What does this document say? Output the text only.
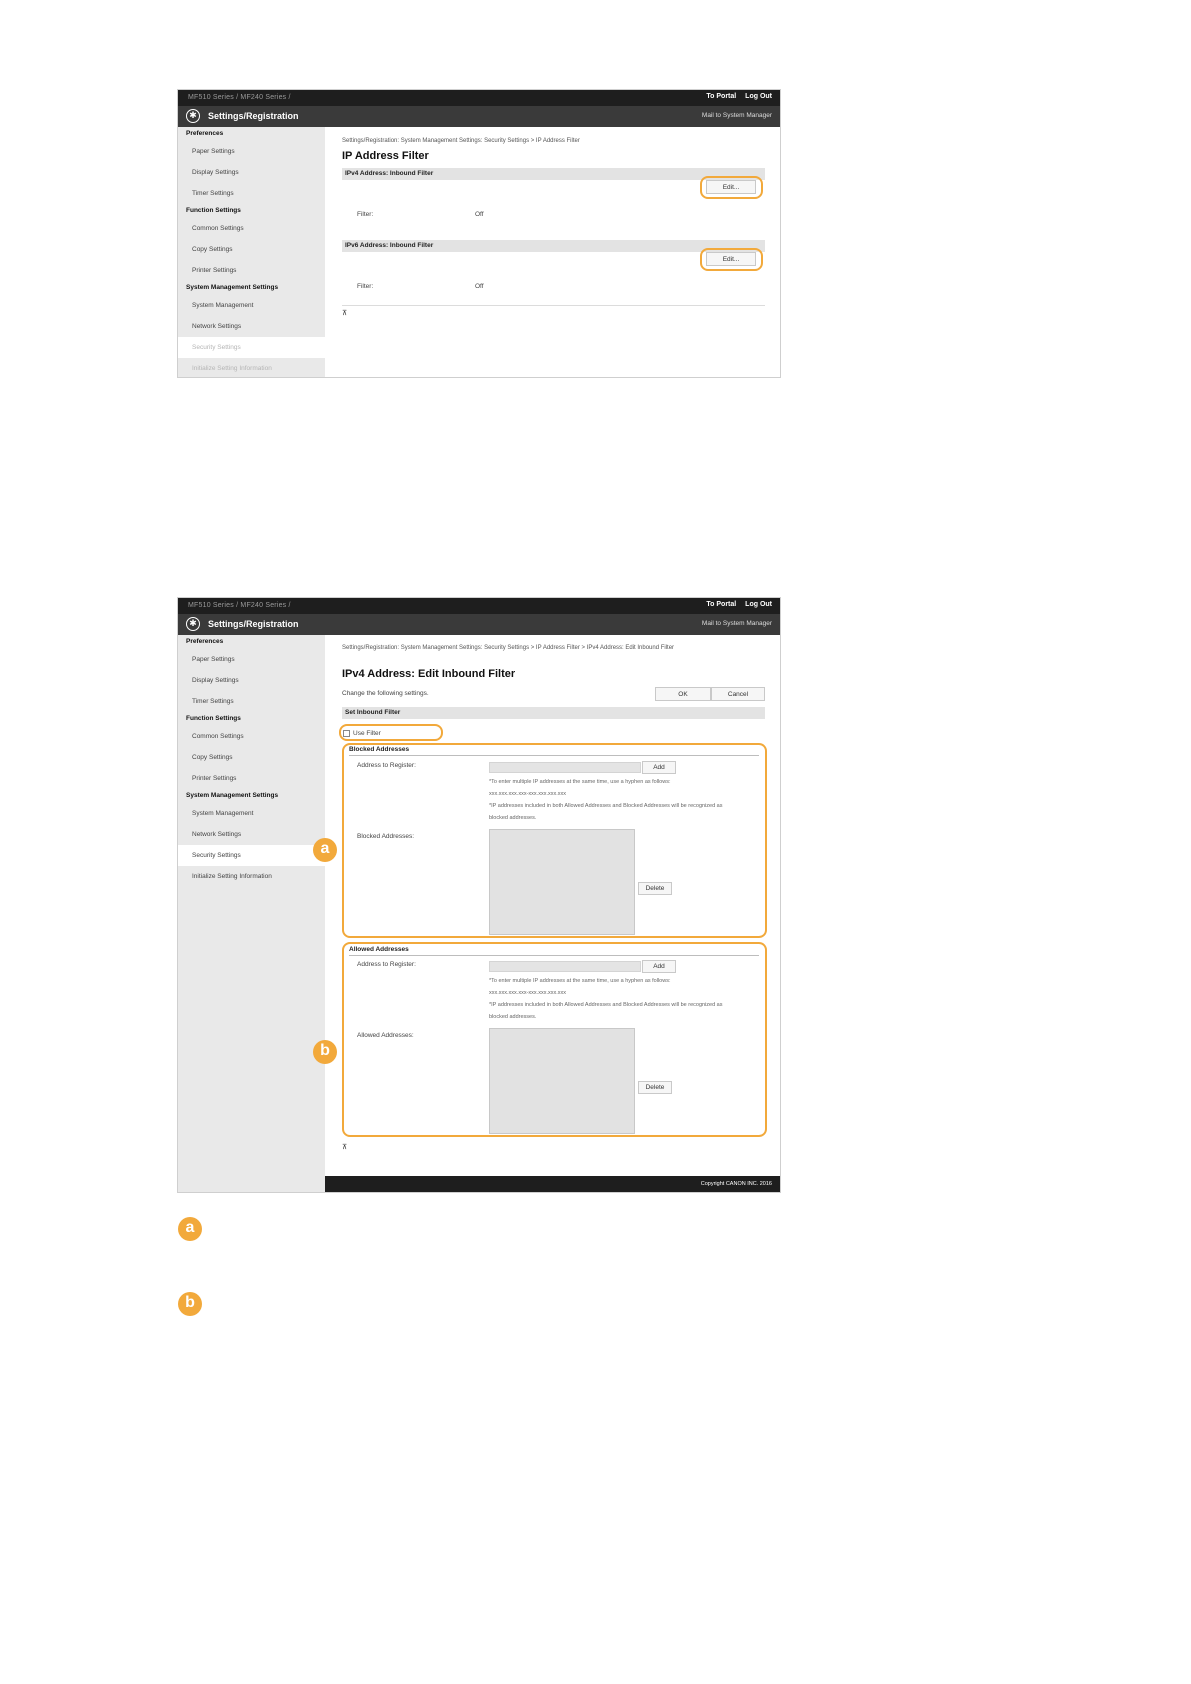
MF510 Series / MF240 Series /	To Portal Log Out
✱	Settings/Registration	Mail to System Manager
Preferences
Paper Settings
Display Settings
Timer Settings
Function Settings
Common Settings
Copy Settings
Printer Settings
System Management Settings
System Management
Network Settings
Security Settings
Initialize Setting Information
Settings/Registration: System Management Settings: Security Settings > IP Address Filter
IP Address Filter
IPv4 Address: Inbound Filter
Edit...
Filter:	Off
IPv6 Address: Inbound Filter
Edit...
Filter:	Off
⊼
MF510 Series / MF240 Series /	To Portal Log Out
✱	Settings/Registration	Mail to System Manager
Preferences
Paper Settings
Display Settings
Timer Settings
Function Settings
Common Settings
Copy Settings
Printer Settings
System Management Settings
System Management
Network Settings
Security Settings
Initialize Setting Information
Settings/Registration: System Management Settings: Security Settings > IP Address Filter > IPv4 Address: Edit Inbound Filter
IPv4 Address: Edit Inbound Filter
Change the following settings.	OK	Cancel
Set Inbound Filter
Use Filter
Blocked Addresses
Address to Register:	Add
*To enter multiple IP addresses at the same time, use a hyphen as follows:
xxx.xxx.xxx.xxx-xxx.xxx.xxx.xxx
*IP addresses included in both Allowed Addresses and Blocked Addresses will be recognized as blocked addresses.
Blocked Addresses:
Delete
a
Allowed Addresses
Address to Register:	Add
*To enter multiple IP addresses at the same time, use a hyphen as follows:
xxx.xxx.xxx.xxx-xxx.xxx.xxx.xxx
*IP addresses included in both Allowed Addresses and Blocked Addresses will be recognized as blocked addresses.
Allowed Addresses:
Delete
b
⊼
Copyright CANON INC. 2016
a
b
